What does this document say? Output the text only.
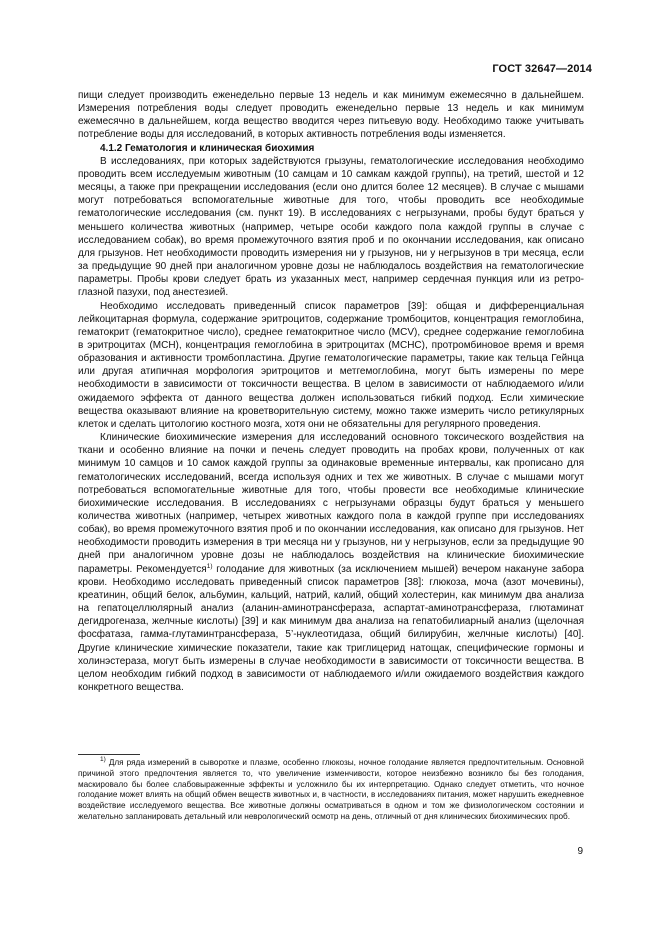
ГОСТ 32647—2014

пищи следует производить еженедельно первые 13 недель и как минимум ежемесячно в дальнейшем. Измерения потребления воды следует проводить еженедельно первые 13 недель и как минимум ежемесячно в дальнейшем, когда вещество вводится через питьевую воду. Необходимо также учитывать потребление воды для исследований, в которых активность потребления воды изменяется.

4.1.2 Гематология и клиническая биохимия

В исследованиях, при которых задействуются грызуны, гематологические исследования необходимо проводить всем исследуемым животным (10 самцам и 10 самкам каждой группы), на третий, шестой и 12 месяцы, а также при прекращении исследования (если оно длится более 12 месяцев). В случае с мышами могут потребоваться вспомогательные животные для того, чтобы проводить все необходимые гематологические исследования (см. пункт 19). В исследованиях с негрызунами, пробы будут браться у меньшего количества животных (например, четыре особи каждого пола каждой группы в случае с исследованием собак), во время промежуточного взятия проб и по окончании исследования, как описано для грызунов. Нет необходимости проводить измерения ни у грызунов, ни у негрызунов в три месяца, если за предыдущие 90 дней при аналогичном уровне дозы не наблюдалось воздействия на гематологические параметры. Пробы крови следует брать из указанных мест, например сердечная пункция или из ретро-глазной пазухи, под анестезией.

Необходимо исследовать приведенный список параметров [39]: общая и дифференциальная лейкоцитарная формула, содержание эритроцитов, содержание тромбоцитов, концентрация гемоглобина, гематокрит (гематокритное число), среднее гематокритное число (MCV), среднее содержание гемоглобина в эритроцитах (MCH), концентрация гемоглобина в эритроцитах (MCHC), протромбиновое время и время образования и активности тромбопластина. Другие гематологические параметры, такие как тельца Гейнца или другая атипичная морфология эритроцитов и метгемоглобина, могут быть измерены по мере необходимости в зависимости от токсичности вещества. В целом в зависимости от наблюдаемого и/или ожидаемого эффекта от данного вещества должен использоваться гибкий подход. Если химические вещества оказывают влияние на кроветворительную систему, можно также измерить число ретикулярных клеток и сделать цитологию костного мозга, хотя они не обязательны для регулярного проведения.

Клинические биохимические измерения для исследований основного токсического воздействия на ткани и особенно влияние на почки и печень следует проводить на пробах крови, полученных от как минимум 10 самцов и 10 самок каждой группы за одинаковые временные интервалы, как прописано для гематологических исследований, всегда используя одних и тех же животных. В случае с мышами могут потребоваться вспомогательные животные для того, чтобы провести все необходимые клинические биохимические исследования. В исследованиях с негрызунами образцы будут браться у меньшего количества животных (например, четырех животных каждого пола в каждой группе при исследованиях собак), во время промежуточного взятия проб и по окончании исследования, как описано для грызунов. Нет необходимости проводить измерения в три месяца ни у грызунов, ни у негрызунов, если за предыдущие 90 дней при аналогичном уровне дозы не наблюдалось воздействия на клинические биохимические параметры. Рекомендуется$^{1)}$ голодание для животных (за исключением мышей) вечером накануне забора крови. Необходимо исследовать приведенный список параметров [38]: глюкоза, моча (азот мочевины), креатинин, общий белок, альбумин, кальций, натрий, калий, общий холестерин, как минимум два анализа на гепатоцеллюлярный анализ (аланин-аминотрансфераза, аспартат-аминотрансфераза, глютаминат дегидрогеназа, желчные кислоты) [39] и как минимум два анализа на гепатобилиарный анализ (щелочная фосфатаза, гамма-глутаминтрансфераза, 5’-нуклеотидаза, общий билирубин, желчные кислоты) [40]. Другие клинические химические показатели, такие как триглицерид натощак, специфические гормоны и холинэстераза, могут быть измерены в случае необходимости в зависимости от токсичности вещества. В целом необходим гибкий подход в зависимости от наблюдаемого и/или ожидаемого воздействия каждого конкретного вещества.

$^{1)}$ Для ряда измерений в сыворотке и плазме, особенно глюкозы, ночное голодание является предпочтительным. Основной причиной этого предпочтения является то, что увеличение изменчивости, которое неизбежно возникло бы без голодания, маскировало бы более слабовыраженные эффекты и усложнило бы их интерпретацию. Однако следует отметить, что ночное голодание может влиять на общий обмен веществ животных и, в частности, в исследованиях питания, может нарушить ежедневное воздействие исследуемого вещества. Все животные должны осматриваться в одном и том же физиологическом состоянии и желательно запланировать детальный или неврологический осмотр на день, отличный от дня клинических биохимических проб.

9
